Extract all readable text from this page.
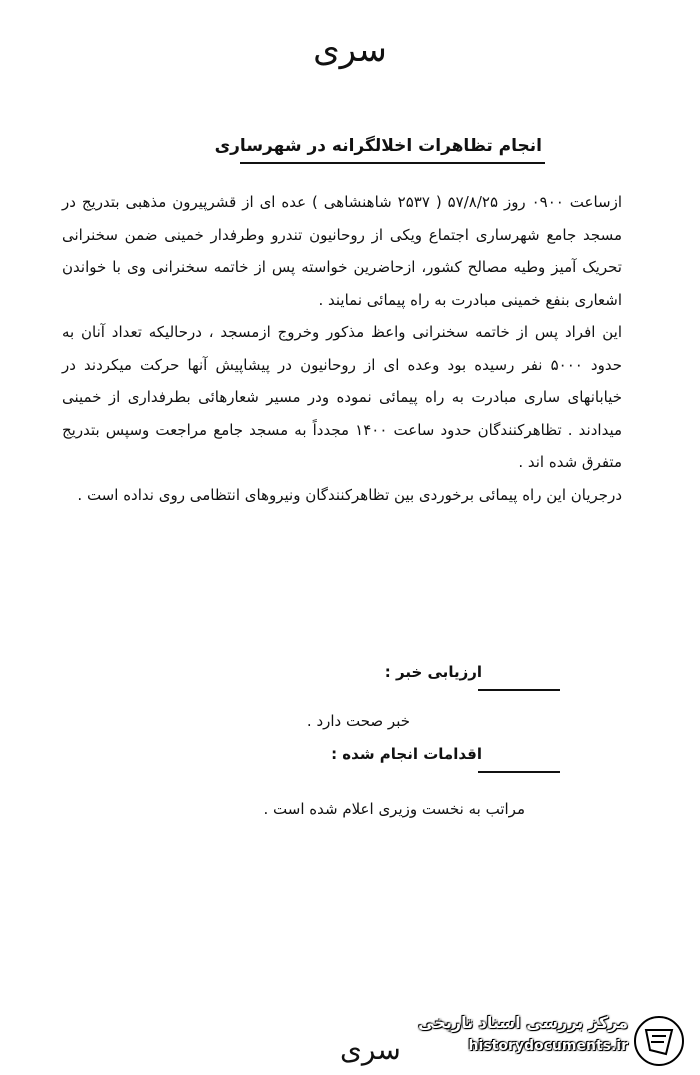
سری
انجام تظاهرات اخلالگرانه در شهرساری

ازساعت ۰۹۰۰ روز ۵۷/۸/۲۵ ( ۲۵۳۷ شاهنشاهی ) عده ای از قشرپیرون مذهبی بتدریج در مسجد جامع شهرساری اجتماع ویکی از روحانیون تندرو وطرفدار خمینی ضمن سخنرانی تحریک آمیز وطیه مصالح کشور، ازحاضرین خواسته پس از خاتمه سخنرانی وی با خواندن اشعاری بنفع خمینی مبادرت به راه پیمائی نمایند .

این افراد پس از خاتمه سخنرانی واعظ مذکور وخروج ازمسجد ، درحالیکه تعداد آنان به حدود ۵۰۰۰ نفر رسیده بود وعده ای از روحانیون در پیشاپیش آنها حرکت میکردند در خیابانهای ساری مبادرت به راه پیمائی نموده ودر مسیر شعارهائی بطرفداری از خمینی میدادند . تظاهرکنندگان حدود ساعت ۱۴۰۰ مجدداً به مسجد جامع مراجعت وسپس بتدریج متفرق شده اند .

درجریان این راه پیمائی برخوردی بین تظاهرکنندگان ونیروهای انتظامی روی نداده است .

ارزیابی خبر :
خبر صحت دارد .
اقدامات انجام شده :
مراتب به نخست وزیری اعلام شده است .
سری
مرکز بررسی اسناد تاریخی
historydocuments.ir
